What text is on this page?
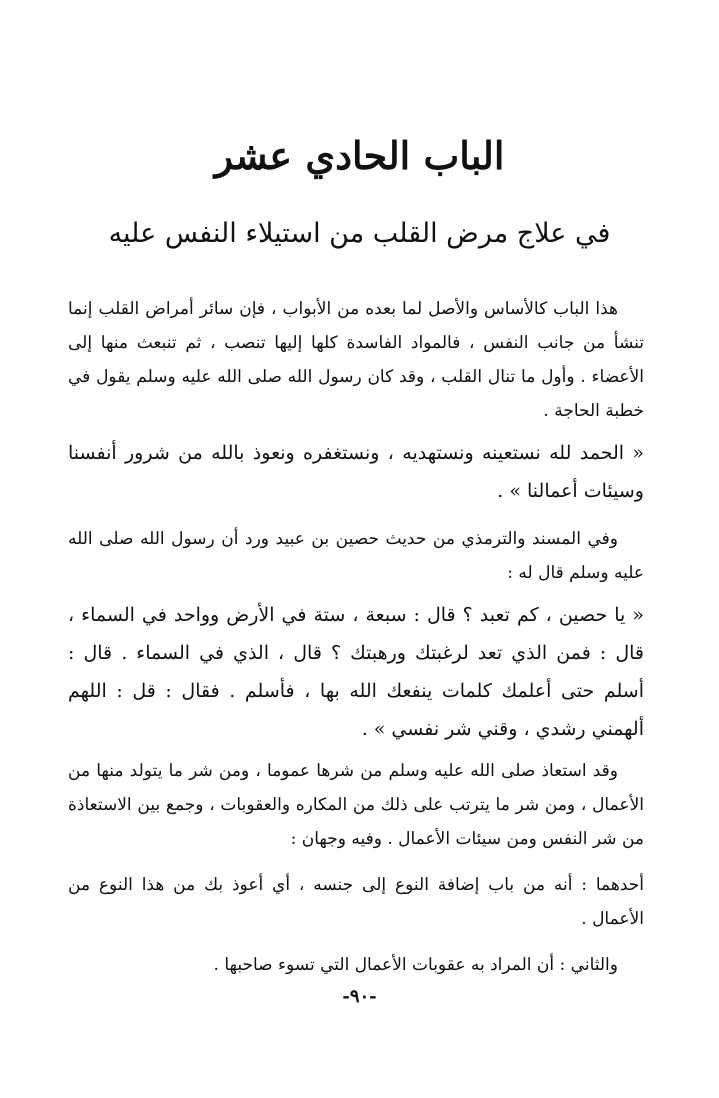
الباب الحادي عشر
في علاج مرض القلب من استيلاء النفس عليه

هذا الباب كالأساس والأصل لما بعده من الأبواب ، فإن سائر أمراض القلب إنما تنشأ من جانب النفس ، فالمواد الفاسدة كلها إليها تنصب ، ثم تنبعث منها إلى الأعضاء . وأول ما تنال القلب ، وقد كان رسول الله صلى الله عليه وسلم يقول في خطبة الحاجة .

« الحمد لله نستعينه ونستهديه ، ونستغفره ونعوذ بالله من شرور أنفسنا وسيئات أعمالنا » .

وفي المسند والترمذي من حديث حصين بن عبيد ورد أن رسول الله صلى الله عليه وسلم قال له :

« يا حصين ، كم تعبد ؟ قال : سبعة ، ستة في الأرض وواحد في السماء ، قال : فمن الذي تعد لرغبتك ورهبتك ؟ قال ، الذي في السماء . قال : أسلم حتى أعلمك كلمات ينفعك الله بها ، فأسلم . فقال : قل : اللهم ألهمني رشدي ، وقني شر نفسي » .

وقد استعاذ صلى الله عليه وسلم من شرها عموما ، ومن شر ما يتولد منها من الأعمال ، ومن شر ما يترتب على ذلك من المكاره والعقوبات ، وجمع بين الاستعاذة من شر النفس ومن سيئات الأعمال . وفيه وجهان :

أحدهما : أنه من باب إضافة النوع إلى جنسه ، أي أعوذ بك من هذا النوع من الأعمال .

والثاني : أن المراد به عقوبات الأعمال التي تسوء صاحبها .

-٩٠-
